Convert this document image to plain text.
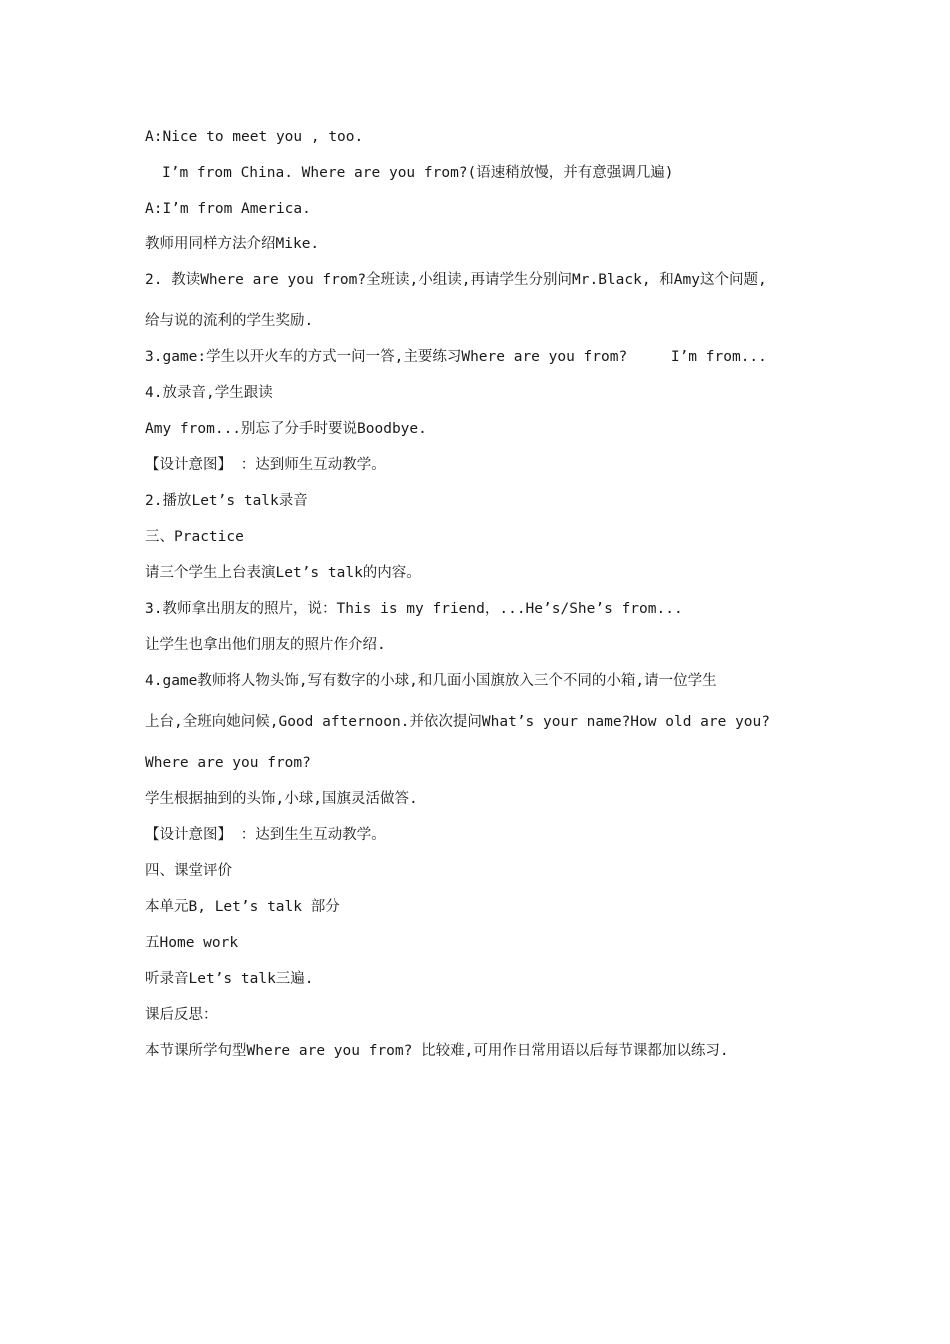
A:Nice to meet you , too.
I’m from China. Where are you from?(语速稍放慢，并有意强调几遍)
A:I’m from America.
教师用同样方法介绍Mike.
2. 教读Where are you from?全班读,小组读,再请学生分别问Mr.Black, 和Amy这个问题,
给与说的流利的学生奖励.
3.game:学生以开火车的方式一问一答,主要练习Where are you from?     I’m from...
4.放录音,学生跟读
Amy from...别忘了分手时要说Boodbye.
【设计意图】 ：达到师生互动教学。
2.播放Let’s talk录音
三、Practice
请三个学生上台表演Let’s talk的内容。
3.教师拿出朋友的照片，说：This is my friend，...He’s/She’s from...
让学生也拿出他们朋友的照片作介绍.
4.game教师将人物头饰,写有数字的小球,和几面小国旗放入三个不同的小箱,请一位学生
上台,全班向她问候,Good afternoon.并依次提问What’s your name?How old are you?
Where are you from?
学生根据抽到的头饰,小球,国旗灵活做答.
【设计意图】 ：达到生生互动教学。
四、课堂评价
本单元B, Let’s talk 部分
五Home work
听录音Let’s talk三遍.
课后反思：
本节课所学句型Where are you from? 比较难,可用作日常用语以后每节课都加以练习.
